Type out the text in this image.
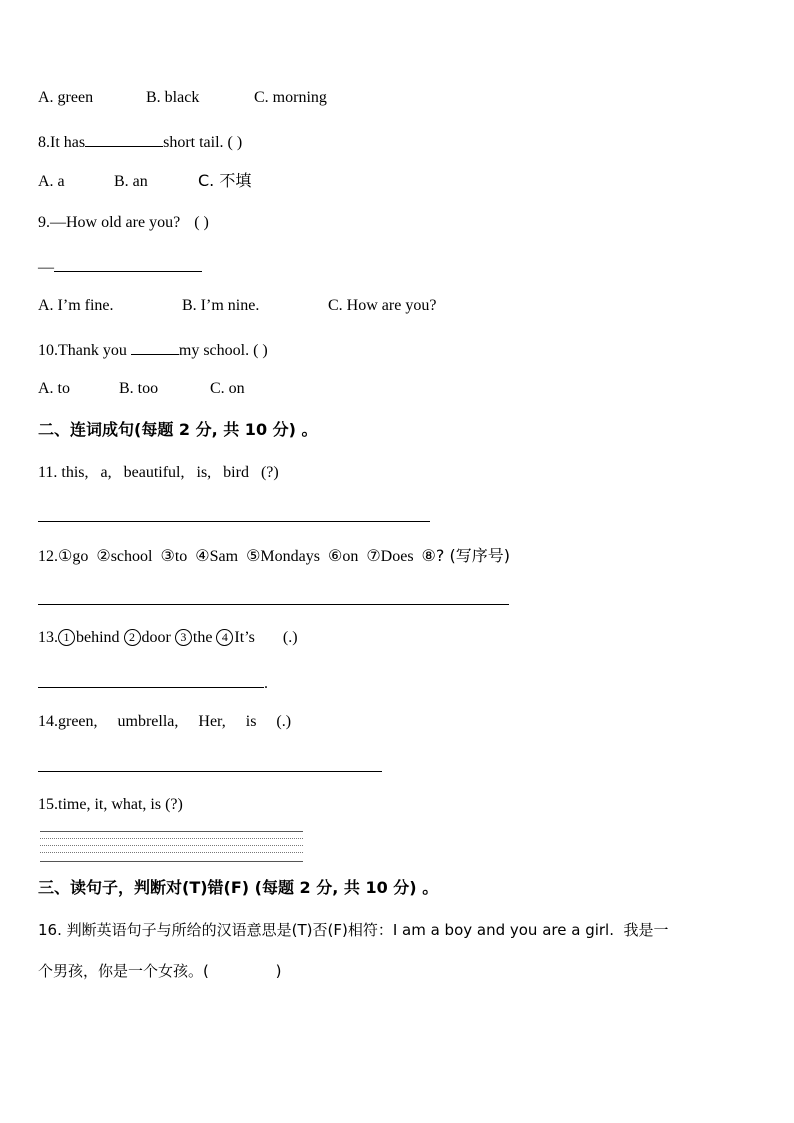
A. green	B. black	C. morning
8.It has	short tail. ( )
A. a	B. an	C. 不填
9.—How old are you? ( )
—
A. I’m fine.	B. I’m nine.	C. How are you?
10.Thank you	my school. ( )
A. to	B. too	C. on
二、连词成句(每题 2 分, 共 10 分) 。
11. this,   a,   beautiful,   is,   bird   (?)
12.①go ②school ③to ④Sam ⑤Mondays ⑥on ⑦Does ⑧? (写序号)
13. 1 behind 2 door 3 the 4 It’s (.)
.
14.green,     umbrella,     Her,     is     (.)
15.time, it, what, is (?)
三、读句子，判断对(T)错(F) (每题 2 分, 共 10 分) 。
16. 判断英语句子与所给的汉语意思是(T)否(F)相符：I am a boy and you are a girl.  我是一
个男孩，你是一个女孩。(              )
